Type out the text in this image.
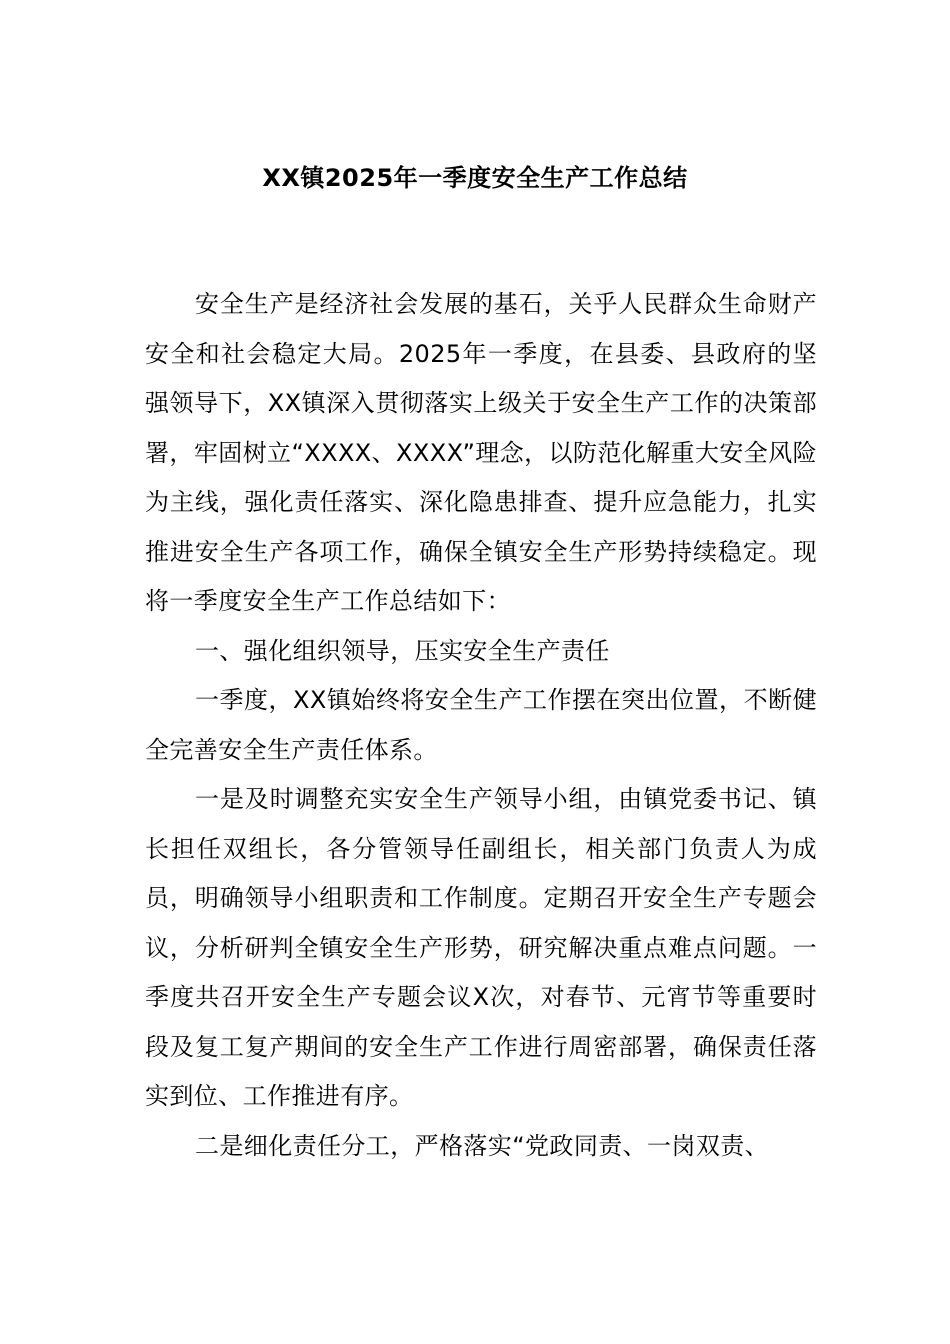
XX镇2025年一季度安全生产工作总结

安全生产是经济社会发展的基石，关乎人民群众生命财产安全和社会稳定大局。2025年一季度，在县委、县政府的坚强领导下，XX镇深入贯彻落实上级关于安全生产工作的决策部署，牢固树立“XXXX、XXXX”理念，以防范化解重大安全风险为主线，强化责任落实、深化隐患排查、提升应急能力，扎实推进安全生产各项工作，确保全镇安全生产形势持续稳定。现将一季度安全生产工作总结如下：

一、强化组织领导，压实安全生产责任

一季度，XX镇始终将安全生产工作摆在突出位置，不断健全完善安全生产责任体系。

一是及时调整充实安全生产领导小组，由镇党委书记、镇长担任双组长，各分管领导任副组长，相关部门负责人为成员，明确领导小组职责和工作制度。定期召开安全生产专题会议，分析研判全镇安全生产形势，研究解决重点难点问题。一季度共召开安全生产专题会议X次，对春节、元宵节等重要时段及复工复产期间的安全生产工作进行周密部署，确保责任落实到位、工作推进有序。

二是细化责任分工，严格落实“党政同责、一岗双责、
